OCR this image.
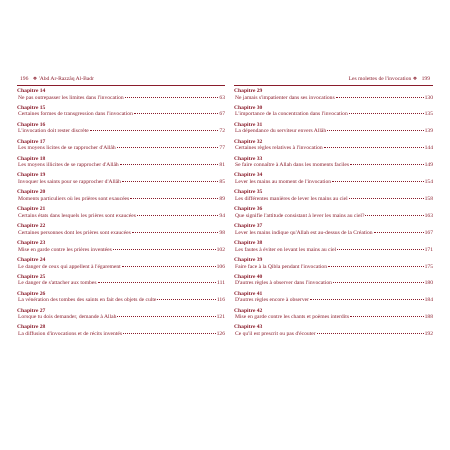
196 ❖ 'Abd Ar-Razzâq Al-Badr	Les molettes de l'invocation ❖ 199
Chapitre 14
Ne pas outrepasser les limites dans l'invocation	63
Chapitre 15
Certaines formes de transgression dans l'invocation	67
Chapitre 16
L'invocation doit rester discrète	72
Chapitre 17
Les moyens licites de se rapprocher d'Allâh	77
Chapitre 18
Les moyens illicites de se rapprocher d'Allâh	81
Chapitre 19
Invoquer les saints pour se rapprocher d'Allâh	85
Chapitre 20
Moments particuliers où les prières sont exaucées	89
Chapitre 21
Certains états dans lesquels les prières sont exaucées	94
Chapitre 22
Certaines personnes dont les prières sont exaucées	98
Chapitre 23
Mise en garde contre les prières inventées	102
Chapitre 24
Le danger de ceux qui appellent à l'égarement	106
Chapitre 25
Le danger de s'attacher aux tombes	111
Chapitre 26
La vénération des tombes des saints en fait des objets de culte	116
Chapitre 27
Lorsque tu dois demander, demande à Allah	121
Chapitre 28
La diffusion d'invocations et de récits inventés	126
Chapitre 29
Ne jamais s'impatienter dans ses invocations	130
Chapitre 30
L'importance de la concentration dans l'invocation	135
Chapitre 31
La dépendance du serviteur envers Allâh	139
Chapitre 32
Certaines règles relatives à l'invocation	144
Chapitre 33
Se faire connaître à Allah dans les moments faciles	149
Chapitre 34
Lever les mains au moment de l'invocation	154
Chapitre 35
Les différentes manières de lever les mains au ciel	158
Chapitre 36
Que signifie l'attitude consistant à lever les mains au ciel?	163
Chapitre 37
Lever les mains indique qu'Allah est au-dessus de la Création	167
Chapitre 38
Les fautes à éviter en levant les mains au ciel	171
Chapitre 39
Faire face à la Qibla pendant l'invocation	175
Chapitre 40
D'autres règles à observer dans l'invocation	180
Chapitre 41
D'autres règles encore à observer	184
Chapitre 42
Mise en garde contre les chants et poèmes interdits	188
Chapitre 43
Ce qu'il est prescrit ou pas d'écouter	192
